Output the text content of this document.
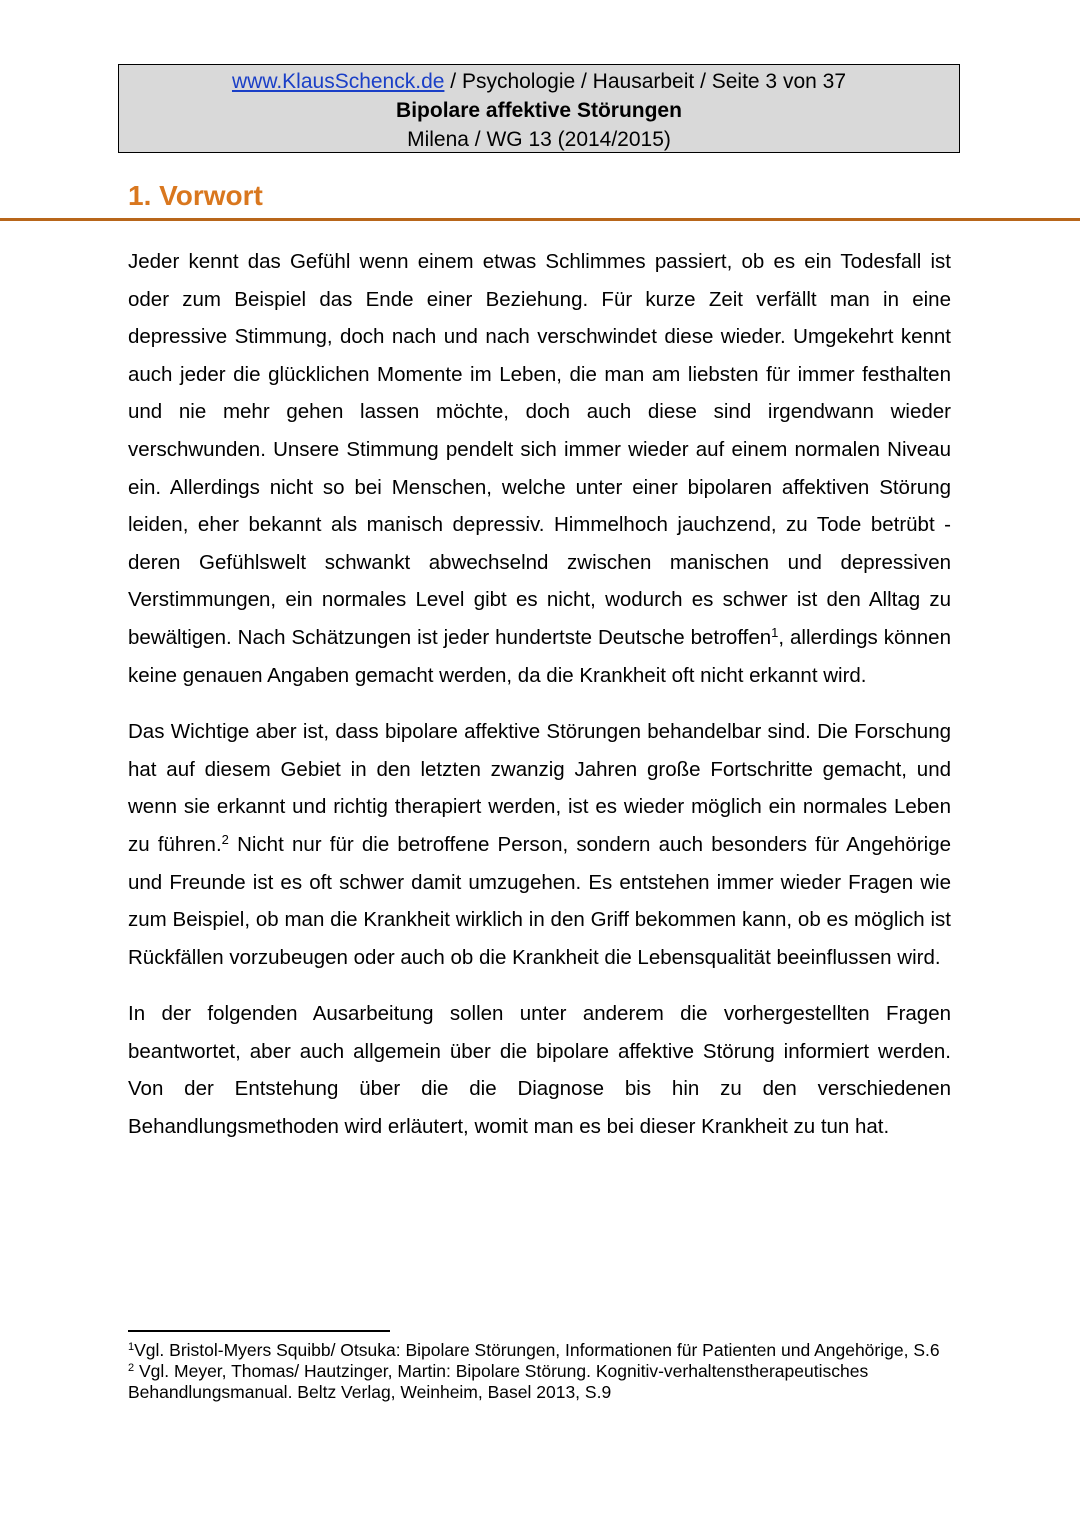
www.KlausSchenck.de / Psychologie / Hausarbeit / Seite 3 von 37
Bipolare affektive Störungen
Milena / WG 13 (2014/2015)
1. Vorwort

Jeder kennt das Gefühl wenn einem etwas Schlimmes passiert, ob es ein Todesfall ist oder zum Beispiel das Ende einer Beziehung. Für kurze Zeit verfällt man in eine depressive Stimmung, doch nach und nach verschwindet diese wieder. Umgekehrt kennt auch jeder die glücklichen Momente im Leben, die man am liebsten für immer festhalten und nie mehr gehen lassen möchte, doch auch diese sind irgendwann wieder verschwunden. Unsere Stimmung pendelt sich immer wieder auf einem normalen Niveau ein. Allerdings nicht so bei Menschen, welche unter einer bipolaren affektiven Störung leiden, eher bekannt als manisch depressiv. Himmelhoch jauchzend, zu Tode betrübt - deren Gefühlswelt schwankt abwechselnd zwischen manischen und depressiven Verstimmungen, ein normales Level gibt es nicht, wodurch es schwer ist den Alltag zu bewältigen. Nach Schätzungen ist jeder hundertste Deutsche betroffen$^1$, allerdings können keine genauen Angaben gemacht werden, da die Krankheit oft nicht erkannt wird.

Das Wichtige aber ist, dass bipolare affektive Störungen behandelbar sind. Die Forschung hat auf diesem Gebiet in den letzten zwanzig Jahren große Fortschritte gemacht, und wenn sie erkannt und richtig therapiert werden, ist es wieder möglich ein normales Leben zu führen.$^2$ Nicht nur für die betroffene Person, sondern auch besonders für Angehörige und Freunde ist es oft schwer damit umzugehen. Es entstehen immer wieder Fragen wie zum Beispiel, ob man die Krankheit wirklich in den Griff bekommen kann, ob es möglich ist Rückfällen vorzubeugen oder auch ob die Krankheit die Lebensqualität beeinflussen wird.

In der folgenden Ausarbeitung sollen unter anderem die vorhergestellten Fragen beantwortet, aber auch allgemein über die bipolare affektive Störung informiert werden. Von der Entstehung über die die Diagnose bis hin zu den verschiedenen Behandlungsmethoden wird erläutert, womit man es bei dieser Krankheit zu tun hat.

$^1$Vgl. Bristol-Myers Squibb/ Otsuka: Bipolare Störungen, Informationen für Patienten und Angehörige, S.6

$^2$ Vgl. Meyer, Thomas/ Hautzinger, Martin: Bipolare Störung. Kognitiv-verhaltenstherapeutisches Behandlungsmanual. Beltz Verlag, Weinheim, Basel 2013, S.9
